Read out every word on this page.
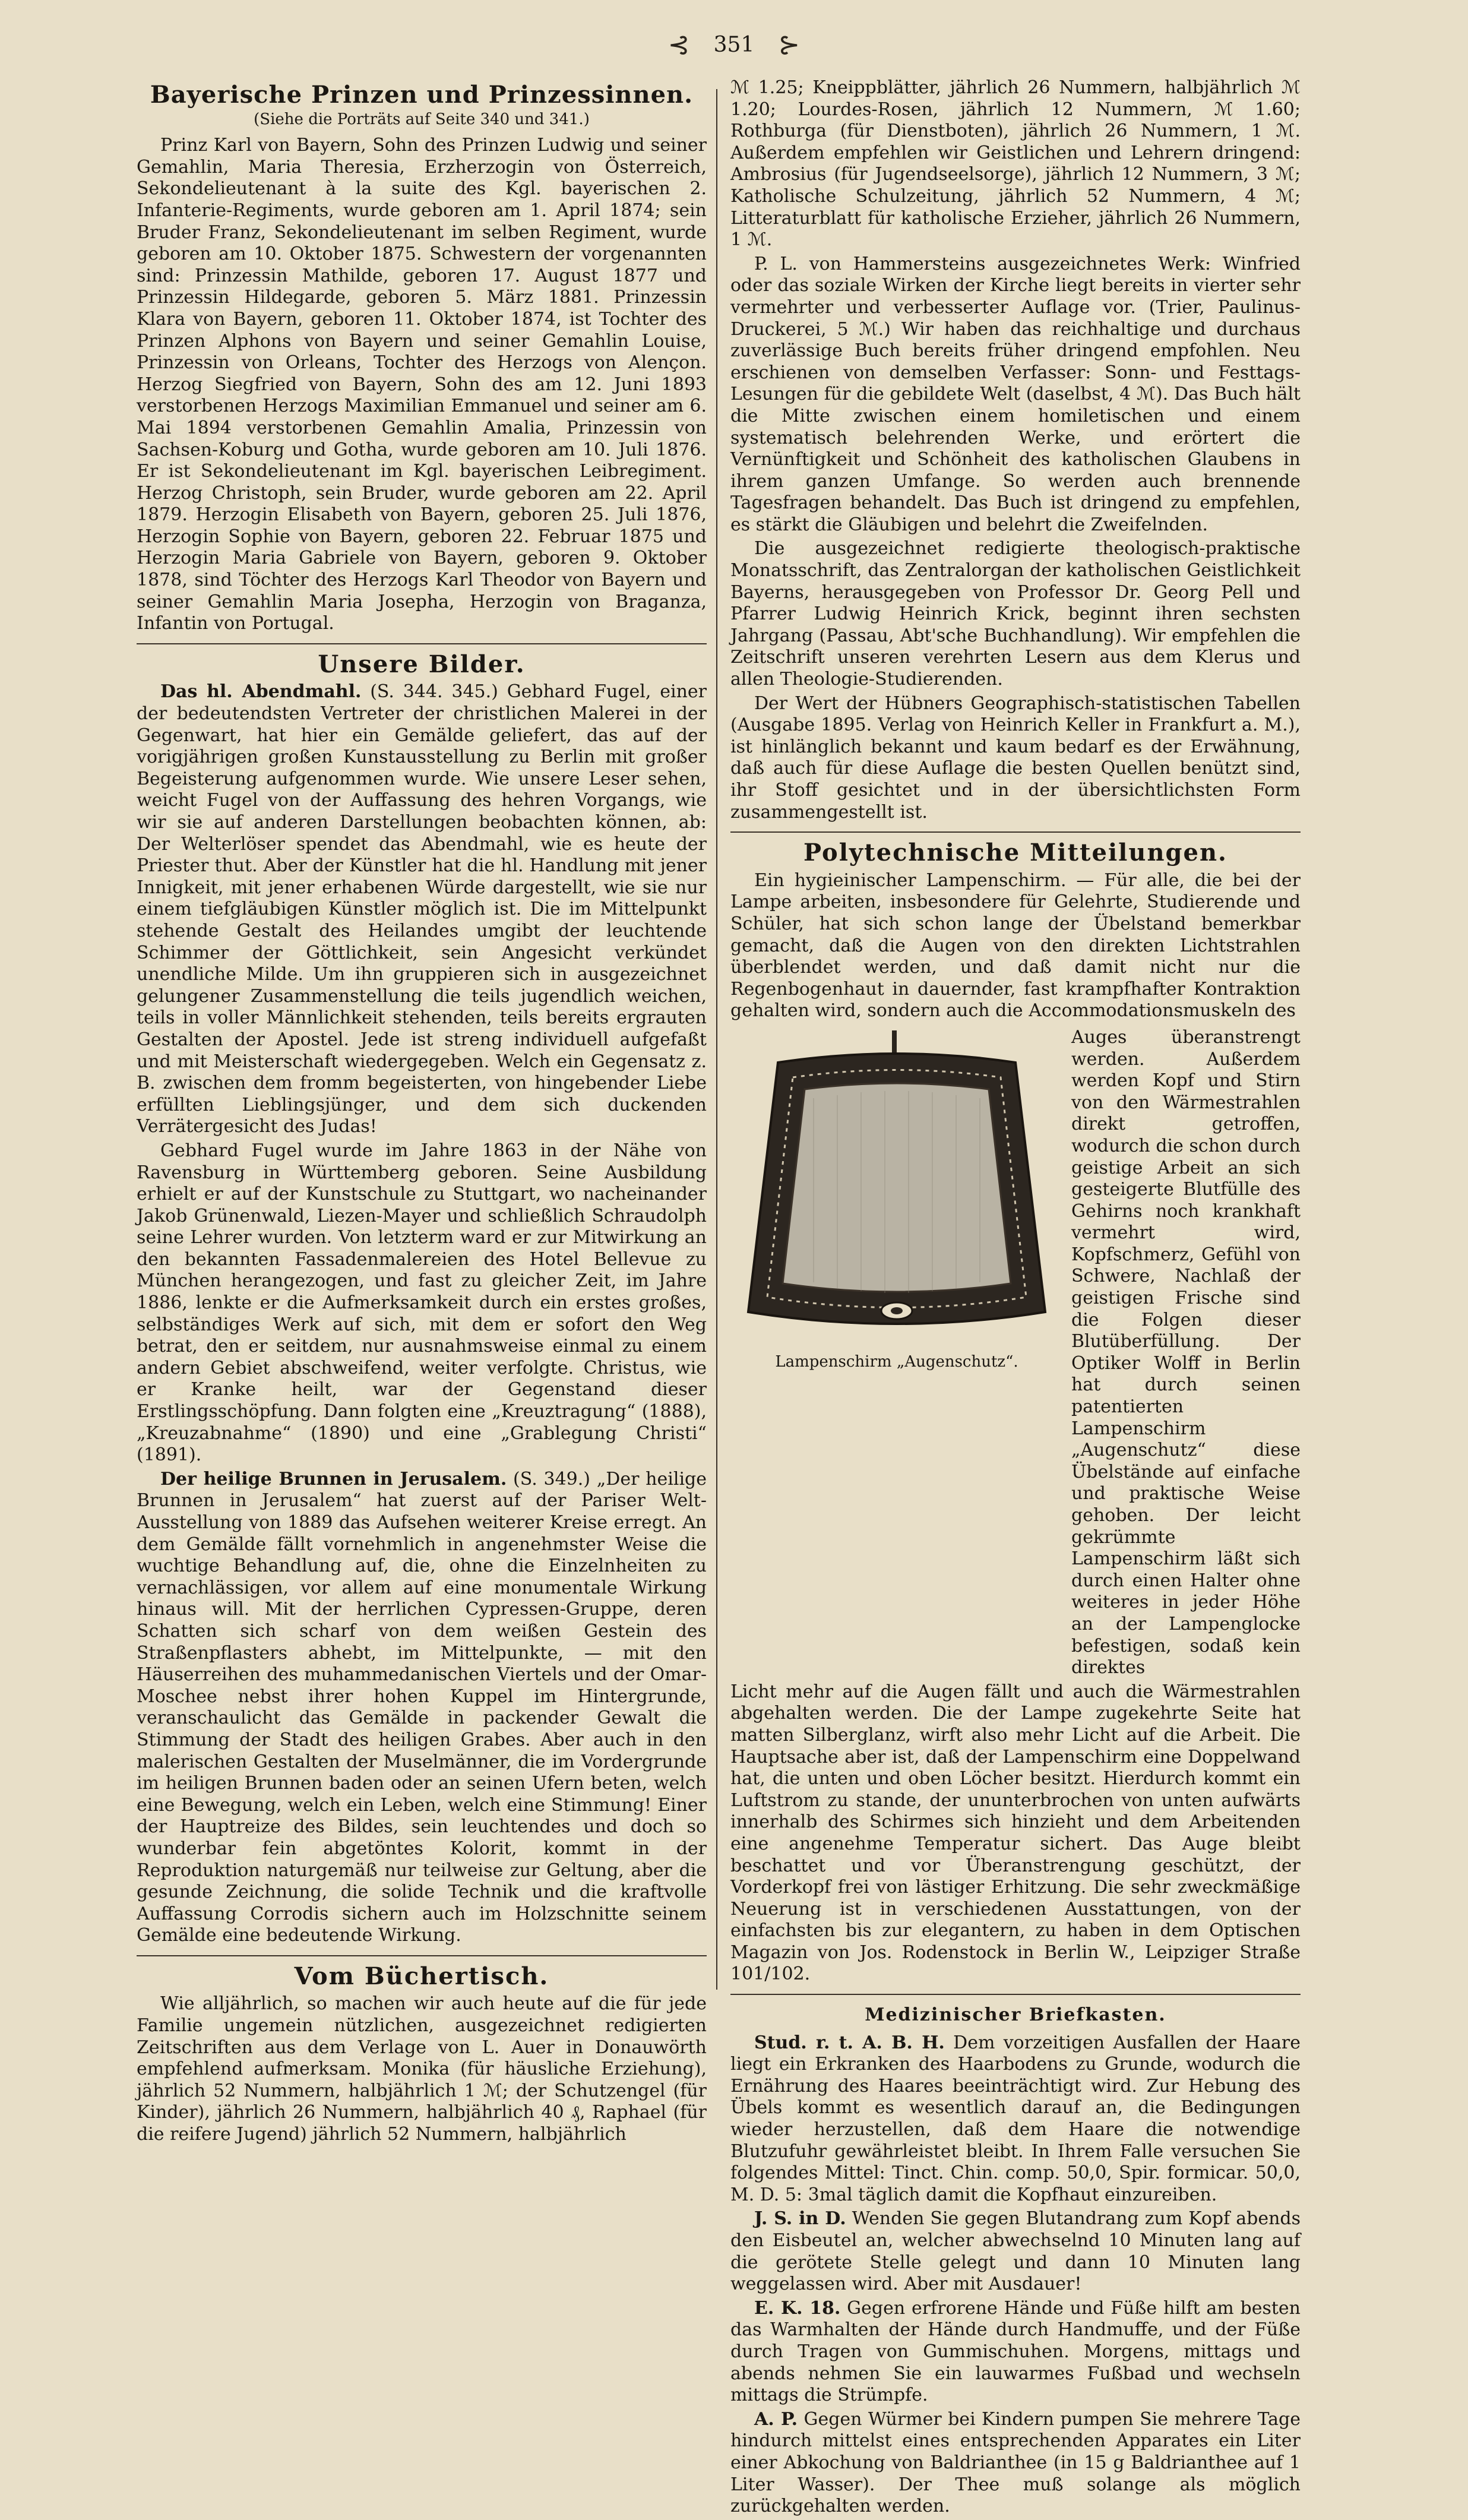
⊰ 351 ⊱
Bayerische Prinzen und Prinzessinnen.
(Siehe die Porträts auf Seite 340 und 341.)

Prinz Karl von Bayern, Sohn des Prinzen Ludwig und seiner Gemahlin, Maria Theresia, Erzherzogin von Österreich, Sekondelieutenant à la suite des Kgl. bayerischen 2. Infanterie-Regiments, wurde geboren am 1. April 1874; sein Bruder Franz, Sekondelieutenant im selben Regiment, wurde geboren am 10. Oktober 1875. Schwestern der vorgenannten sind: Prinzessin Mathilde, geboren 17. August 1877 und Prinzessin Hildegarde, geboren 5. März 1881. Prinzessin Klara von Bayern, geboren 11. Oktober 1874, ist Tochter des Prinzen Alphons von Bayern und seiner Gemahlin Louise, Prinzessin von Orleans, Tochter des Herzogs von Alençon. Herzog Siegfried von Bayern, Sohn des am 12. Juni 1893 verstorbenen Herzogs Maximilian Emmanuel und seiner am 6. Mai 1894 verstorbenen Gemahlin Amalia, Prinzessin von Sachsen-Koburg und Gotha, wurde geboren am 10. Juli 1876. Er ist Sekondelieutenant im Kgl. bayerischen Leibregiment. Herzog Christoph, sein Bruder, wurde geboren am 22. April 1879. Herzogin Elisabeth von Bayern, geboren 25. Juli 1876, Herzogin Sophie von Bayern, geboren 22. Februar 1875 und Herzogin Maria Gabriele von Bayern, geboren 9. Oktober 1878, sind Töchter des Herzogs Karl Theodor von Bayern und seiner Gemahlin Maria Josepha, Herzogin von Braganza, Infantin von Portugal.

Unsere Bilder.

Das hl. Abendmahl. (S. 344. 345.) Gebhard Fugel, einer der bedeutendsten Vertreter der christlichen Malerei in der Gegenwart, hat hier ein Gemälde geliefert, das auf der vorigjährigen großen Kunstausstellung zu Berlin mit großer Begeisterung aufgenommen wurde. Wie unsere Leser sehen, weicht Fugel von der Auffassung des hehren Vorgangs, wie wir sie auf anderen Darstellungen beobachten können, ab: Der Welterlöser spendet das Abendmahl, wie es heute der Priester thut. Aber der Künstler hat die hl. Handlung mit jener Innigkeit, mit jener erhabenen Würde dargestellt, wie sie nur einem tiefgläubigen Künstler möglich ist. Die im Mittelpunkt stehende Gestalt des Heilandes umgibt der leuchtende Schimmer der Göttlichkeit, sein Angesicht verkündet unendliche Milde. Um ihn gruppieren sich in ausgezeichnet gelungener Zusammenstellung die teils jugendlich weichen, teils in voller Männlichkeit stehenden, teils bereits ergrauten Gestalten der Apostel. Jede ist streng individuell aufgefaßt und mit Meisterschaft wiedergegeben. Welch ein Gegensatz z. B. zwischen dem fromm begeisterten, von hingebender Liebe erfüllten Lieblingsjünger, und dem sich duckenden Verrätergesicht des Judas!

Gebhard Fugel wurde im Jahre 1863 in der Nähe von Ravensburg in Württemberg geboren. Seine Ausbildung erhielt er auf der Kunstschule zu Stuttgart, wo nacheinander Jakob Grünenwald, Liezen-Mayer und schließlich Schraudolph seine Lehrer wurden. Von letzterm ward er zur Mitwirkung an den bekannten Fassadenmalereien des Hotel Bellevue zu München herangezogen, und fast zu gleicher Zeit, im Jahre 1886, lenkte er die Aufmerksamkeit durch ein erstes großes, selbständiges Werk auf sich, mit dem er sofort den Weg betrat, den er seitdem, nur ausnahmsweise einmal zu einem andern Gebiet abschweifend, weiter verfolgte. Christus, wie er Kranke heilt, war der Gegenstand dieser Erstlingsschöpfung. Dann folgten eine „Kreuztragung“ (1888), „Kreuzabnahme“ (1890) und eine „Grablegung Christi“ (1891).

Der heilige Brunnen in Jerusalem. (S. 349.) „Der heilige Brunnen in Jerusalem“ hat zuerst auf der Pariser Welt-Ausstellung von 1889 das Aufsehen weiterer Kreise erregt. An dem Gemälde fällt vornehmlich in angenehmster Weise die wuchtige Behandlung auf, die, ohne die Einzelnheiten zu vernachlässigen, vor allem auf eine monumentale Wirkung hinaus will. Mit der herrlichen Cypressen-Gruppe, deren Schatten sich scharf von dem weißen Gestein des Straßenpflasters abhebt, im Mittelpunkte, — mit den Häuserreihen des muhammedanischen Viertels und der Omar-Moschee nebst ihrer hohen Kuppel im Hintergrunde, veranschaulicht das Gemälde in packender Gewalt die Stimmung der Stadt des heiligen Grabes. Aber auch in den malerischen Gestalten der Muselmänner, die im Vordergrunde im heiligen Brunnen baden oder an seinen Ufern beten, welch eine Bewegung, welch ein Leben, welch eine Stimmung! Einer der Hauptreize des Bildes, sein leuchtendes und doch so wunderbar fein abgetöntes Kolorit, kommt in der Reproduktion naturgemäß nur teilweise zur Geltung, aber die gesunde Zeichnung, die solide Technik und die kraftvolle Auffassung Corrodis sichern auch im Holzschnitte seinem Gemälde eine bedeutende Wirkung.

Vom Büchertisch.

Wie alljährlich, so machen wir auch heute auf die für jede Familie ungemein nützlichen, ausgezeichnet redigierten Zeitschriften aus dem Verlage von L. Auer in Donauwörth empfehlend aufmerksam. Monika (für häusliche Erziehung), jährlich 52 Nummern, halbjährlich 1 ℳ; der Schutzengel (für Kinder), jährlich 26 Nummern, halbjährlich 40 ₰, Raphael (für die reifere Jugend) jährlich 52 Nummern, halbjährlich

ℳ 1.25; Kneippblätter, jährlich 26 Nummern, halbjährlich ℳ 1.20; Lourdes-Rosen, jährlich 12 Nummern, ℳ 1.60; Rothburga (für Dienstboten), jährlich 26 Nummern, 1 ℳ. Außerdem empfehlen wir Geistlichen und Lehrern dringend: Ambrosius (für Jugendseelsorge), jährlich 12 Nummern, 3 ℳ; Katholische Schulzeitung, jährlich 52 Nummern, 4 ℳ; Litteraturblatt für katholische Erzieher, jährlich 26 Nummern, 1 ℳ.

P. L. von Hammersteins ausgezeichnetes Werk: Winfried oder das soziale Wirken der Kirche liegt bereits in vierter sehr vermehrter und verbesserter Auflage vor. (Trier, Paulinus-Druckerei, 5 ℳ.) Wir haben das reichhaltige und durchaus zuverlässige Buch bereits früher dringend empfohlen. Neu erschienen von demselben Verfasser: Sonn- und Festtags-Lesungen für die gebildete Welt (daselbst, 4 ℳ). Das Buch hält die Mitte zwischen einem homiletischen und einem systematisch belehrenden Werke, und erörtert die Vernünftigkeit und Schönheit des katholischen Glaubens in ihrem ganzen Umfange. So werden auch brennende Tagesfragen behandelt. Das Buch ist dringend zu empfehlen, es stärkt die Gläubigen und belehrt die Zweifelnden.

Die ausgezeichnet redigierte theologisch-praktische Monatsschrift, das Zentralorgan der katholischen Geistlichkeit Bayerns, herausgegeben von Professor Dr. Georg Pell und Pfarrer Ludwig Heinrich Krick, beginnt ihren sechsten Jahrgang (Passau, Abt'sche Buchhandlung). Wir empfehlen die Zeitschrift unseren verehrten Lesern aus dem Klerus und allen Theologie-Studierenden.

Der Wert der Hübners Geographisch-statistischen Tabellen (Ausgabe 1895. Verlag von Heinrich Keller in Frankfurt a. M.), ist hinlänglich bekannt und kaum bedarf es der Erwähnung, daß auch für diese Auflage die besten Quellen benützt sind, ihr Stoff gesichtet und in der übersichtlichsten Form zusammengestellt ist.

Polytechnische Mitteilungen.

Ein hygieinischer Lampenschirm. — Für alle, die bei der Lampe arbeiten, insbesondere für Gelehrte, Studierende und Schüler, hat sich schon lange der Übelstand bemerkbar gemacht, daß die Augen von den direkten Lichtstrahlen überblendet werden, und daß damit nicht nur die Regenbogenhaut in dauernder, fast krampfhafter Kontraktion gehalten wird, sondern auch die Accommodationsmuskeln des

Lampenschirm „Augenschutz“.
Auges überanstrengt werden. Außerdem werden Kopf und Stirn von den Wärmestrahlen direkt getroffen, wodurch die schon durch geistige Arbeit an sich gesteigerte Blutfülle des Gehirns noch krankhaft vermehrt wird, Kopfschmerz, Gefühl von Schwere, Nachlaß der geistigen Frische sind die Folgen dieser Blutüberfüllung. Der Optiker Wolff in Berlin hat durch seinen patentierten Lampenschirm „Augenschutz“ diese Übelstände auf einfache und praktische Weise gehoben. Der leicht gekrümmte Lampenschirm läßt sich durch einen Halter ohne weiteres in jeder Höhe an der Lampenglocke befestigen, sodaß kein direktes

Licht mehr auf die Augen fällt und auch die Wärmestrahlen abgehalten werden. Die der Lampe zugekehrte Seite hat matten Silberglanz, wirft also mehr Licht auf die Arbeit. Die Hauptsache aber ist, daß der Lampenschirm eine Doppelwand hat, die unten und oben Löcher besitzt. Hierdurch kommt ein Luftstrom zu stande, der ununterbrochen von unten aufwärts innerhalb des Schirmes sich hinzieht und dem Arbeitenden eine angenehme Temperatur sichert. Das Auge bleibt beschattet und vor Überanstrengung geschützt, der Vorderkopf frei von lästiger Erhitzung. Die sehr zweckmäßige Neuerung ist in verschiedenen Ausstattungen, von der einfachsten bis zur elegantern, zu haben in dem Optischen Magazin von Jos. Rodenstock in Berlin W., Leipziger Straße 101/102.

Medizinischer Briefkasten.

Stud. r. t. A. B. H. Dem vorzeitigen Ausfallen der Haare liegt ein Erkranken des Haarbodens zu Grunde, wodurch die Ernährung des Haares beeinträchtigt wird. Zur Hebung des Übels kommt es wesentlich darauf an, die Bedingungen wieder herzustellen, daß dem Haare die notwendige Blutzufuhr gewährleistet bleibt. In Ihrem Falle versuchen Sie folgendes Mittel: Tinct. Chin. comp. 50,0, Spir. formicar. 50,0, M. D. 5: 3mal täglich damit die Kopfhaut einzureiben.

J. S. in D. Wenden Sie gegen Blutandrang zum Kopf abends den Eisbeutel an, welcher abwechselnd 10 Minuten lang auf die gerötete Stelle gelegt und dann 10 Minuten lang weggelassen wird. Aber mit Ausdauer!

E. K. 18. Gegen erfrorene Hände und Füße hilft am besten das Warmhalten der Hände durch Handmuffe, und der Füße durch Tragen von Gummischuhen. Morgens, mittags und abends nehmen Sie ein lauwarmes Fußbad und wechseln mittags die Strümpfe.

A. P. Gegen Würmer bei Kindern pumpen Sie mehrere Tage hindurch mittelst eines entsprechenden Apparates ein Liter einer Abkochung von Baldrianthee (in 15 g Baldrianthee auf 1 Liter Wasser). Der Thee muß solange als möglich zurückgehalten werden.
